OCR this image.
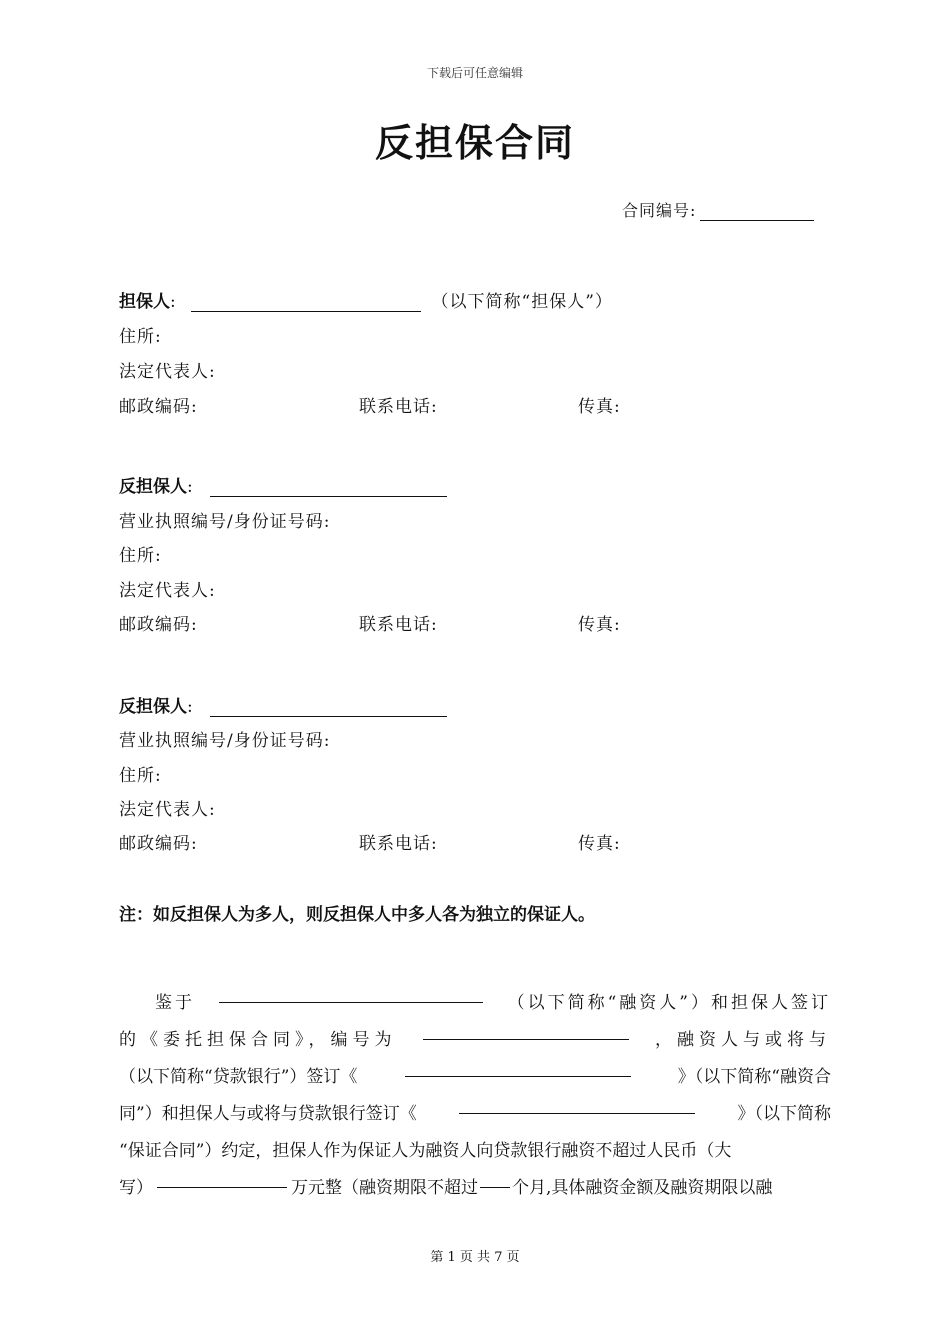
下载后可任意编辑
反担保合同
合同编号:
担保人:	（以下简称“担保人”）
住所:
法定代表人:
邮政编码:	联系电话:	传真:
反担保人:
营业执照编号/身份证号码:
住所:
法定代表人:
邮政编码:	联系电话:	传真:
反担保人:
营业执照编号/身份证号码:
住所:
法定代表人:
邮政编码:	联系电话:	传真:
注：如反担保人为多人，则反担保人中多人各为独立的保证人。
鉴于	（以下简称“融资人”）和担保人签订
的《委托担保合同》，编号为	，融资人与或将与
（以下简称“贷款银行”）签订《	》（以下简称“融资合
同”）和担保人与或将与贷款银行签订《	》（以下简称
“保证合同”）约定，担保人作为保证人为融资人向贷款银行融资不超过人民币（大
写）	万元整（融资期限不超过 个月,具体融资金额及融资期限以融
第 1 页 共 7 页
